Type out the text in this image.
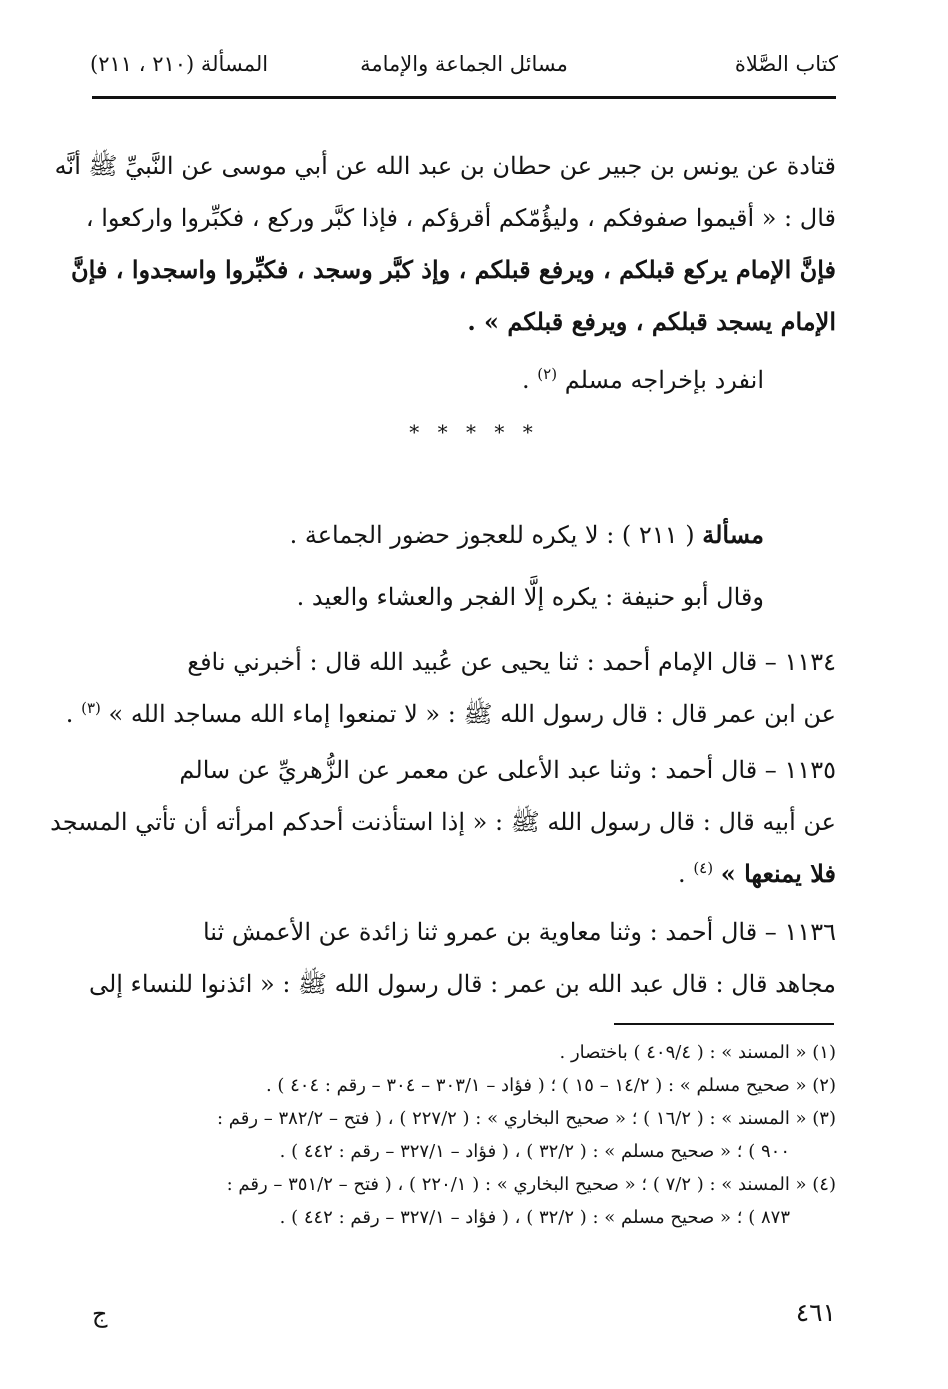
كتاب الصَّلاة
مسائل الجماعة والإمامة
المسألة (٢١٠ ، ٢١١)
قتادة عن يونس بن جبير عن حطان بن عبد الله عن أبي موسى عن النَّبيِّ ﷺ أنَّه
قال : « أقيموا صفوفكم ، وليؤُمّكم أقرؤكم ، فإذا كبَّر وركع ، فكبِّروا واركعوا ،
فإنَّ الإمام يركع قبلكم ، ويرفع قبلكم ، وإذ كبَّر وسجد ، فكبِّروا واسجدوا ، فإنَّ
الإمام يسجد قبلكم ، ويرفع قبلكم » .
انفرد بإخراجه مسلم $^{(٢)}$ .
* * * * *
مسألة ( ٢١١ ) : لا يكره للعجوز حضور الجماعة .
وقال أبو حنيفة : يكره إلَّا الفجر والعشاء والعيد .
١١٣٤ – قال الإمام أحمد : ثنا يحيى عن عُبيد الله قال : أخبرني نافع
عن ابن عمر قال : قال رسول الله ﷺ : « لا تمنعوا إماء الله مساجد الله » $^{(٣)}$ .
١١٣٥ – قال أحمد : وثنا عبد الأعلى عن معمر عن الزُّهريِّ عن سالم
عن أبيه قال : قال رسول الله ﷺ : « إذا استأذنت أحدكم امرأته أن تأتي المسجد
فلا يمنعها » $^{(٤)}$ .
١١٣٦ – قال أحمد : وثنا معاوية بن عمرو ثنا زائدة عن الأعمش ثنا
مجاهد قال : قال عبد الله بن عمر : قال رسول الله ﷺ : « ائذنوا للنساء إلى
(١) « المسند » : ( ٤٠٩/٤ ) باختصار .
(٢) « صحيح مسلم » : ( ١٤/٢ – ١٥ ) ؛ ( فؤاد – ٣٠٣/١ – ٣٠٤ – رقم : ٤٠٤ ) .
(٣) « المسند » : ( ١٦/٢ ) ؛ « صحيح البخاري » : ( ٢٢٧/٢ ) ، ( فتح – ٣٨٢/٢ – رقم :
٩٠٠ ) ؛ « صحيح مسلم » : ( ٣٢/٢ ) ، ( فؤاد – ٣٢٧/١ – رقم : ٤٤٢ ) .
(٤) « المسند » : ( ٧/٢ ) ؛ « صحيح البخاري » : ( ٢٢٠/١ ) ، ( فتح – ٣٥١/٢ – رقم :
٨٧٣ ) ؛ « صحيح مسلم » : ( ٣٢/٢ ) ، ( فؤاد – ٣٢٧/١ – رقم : ٤٤٢ ) .
٤٦١
ج
